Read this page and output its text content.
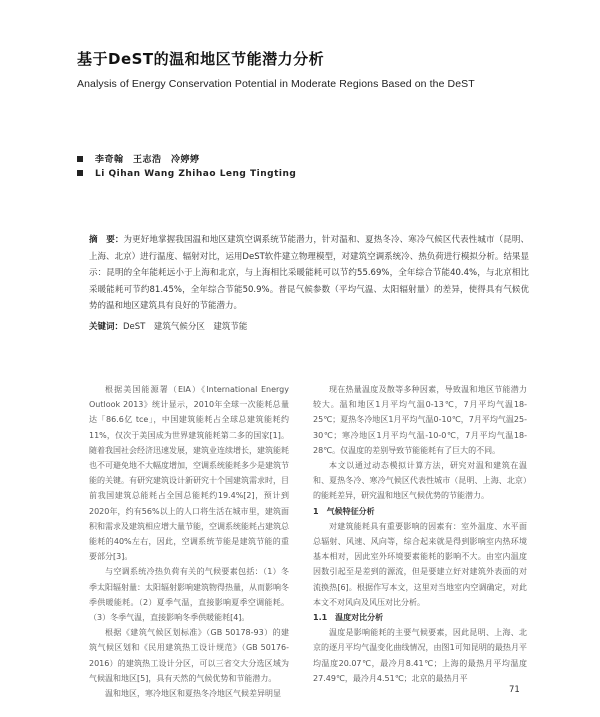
基于DeST的温和地区节能潜力分析
Analysis of Energy Conservation Potential in Moderate Regions Based on the DeST
李奇翰　王志浩　冷婷婷
Li Qihan Wang Zhihao Leng Tingting
摘　要：为更好地掌握我国温和地区建筑空调系统节能潜力，针对温和、夏热冬冷、寒冷气候区代表性城市（昆明、上海、北京）进行温度、辐射对比，运用DeST软件建立物理模型，对建筑空调系统冷、热负荷进行模拟分析。结果显示：昆明的全年能耗远小于上海和北京，与上海相比采暖能耗可以节约55.69%，全年综合节能40.4%，与北京相比采暖能耗可节约81.45%，全年综合节能50.9%。普昆气候参数（平均气温、太阳辐射量）的差异，使得具有气候优势的温和地区建筑具有良好的节能潜力。
关键词：DeST　建筑气候分区　建筑节能

根据美国能源署（EIA）《International Energy Outlook 2013》统计显示，2010年全球一次能耗总量达「86.6亿 tce」，中国建筑能耗占全球总建筑能耗约11%，仅次于美国成为世界建筑能耗第二多的国家[1]。随着我国社会经济迅速发展，建筑业连续增长，建筑能耗也不可避免地不大幅度增加，空调系统能耗多少是建筑节能的关键。有研究建筑设计新研究十个国建筑需求时，目前我国建筑总能耗占全国总能耗约19.4%[2]，预计到2020年，约有56%以上的人口将生活在城市里，建筑面积和需求及建筑相应增大量节能，空调系统能耗占建筑总能耗的40%左右，因此，空调系统节能是建筑节能的重要部分[3]。

与空调系统冷热负荷有关的气候要素包括：（1）冬季太阳辐射量：太阳辐射影响建筑物得热量，从而影响冬季供暖能耗。（2）夏季气温，直接影响夏季空调能耗。（3）冬季气温，直接影响冬季供暖能耗[4]。

根据《建筑气候区划标准》（GB 50178-93）的建筑气候区划和《民用建筑热工设计规范》（GB 50176-2016）的建筑热工设计分区，可以三省交大分选区域为气候温和地区[5]，具有天然的气候优势和节能潜力。

温和地区，寒冷地区和夏热冬冷地区气候差异明显

现在热量温度及散等多种因素，导致温和地区节能潜力较大。温和地区1月平均气温0-13℃，7月平均气温18-25℃；夏热冬冷地区1月平均气温0-10℃，7月平均气温25-30℃；寒冷地区1月平均气温-10-0℃，7月平均气温18-28℃。仅温度的差别导致节能能耗有了巨大的不同。

本文以通过动态模拟计算方法，研究对温和建筑在温和、夏热冬冷、寒冷气候区代表性城市（昆明、上海、北京）的能耗差异，研究温和地区气候优势的节能潜力。

1　气候特征分析

对建筑能耗具有重要影响的因素有：室外温度、水平面总辐射、风速、风向等，综合起来就是得到影响室内热环境基本相对，因此室外环境要素能耗的影响不大。由室内温度因数引起至是差到的源流，但是要建立好对建筑外表面的对流换热[6]。根据作写本文，这里对当地室内空调确定，对此本文不对风向及风压对比分析。

1.1　温度对比分析

温度是影响能耗的主要气候要素，因此昆明、上海、北京的逐月平均气温变化曲线情况，由图1可知昆明的最热月平均温度20.07℃，最冷月8.41℃；上海的最热月平均温度27.49℃，最冷月4.51℃；北京的最热月平

71
